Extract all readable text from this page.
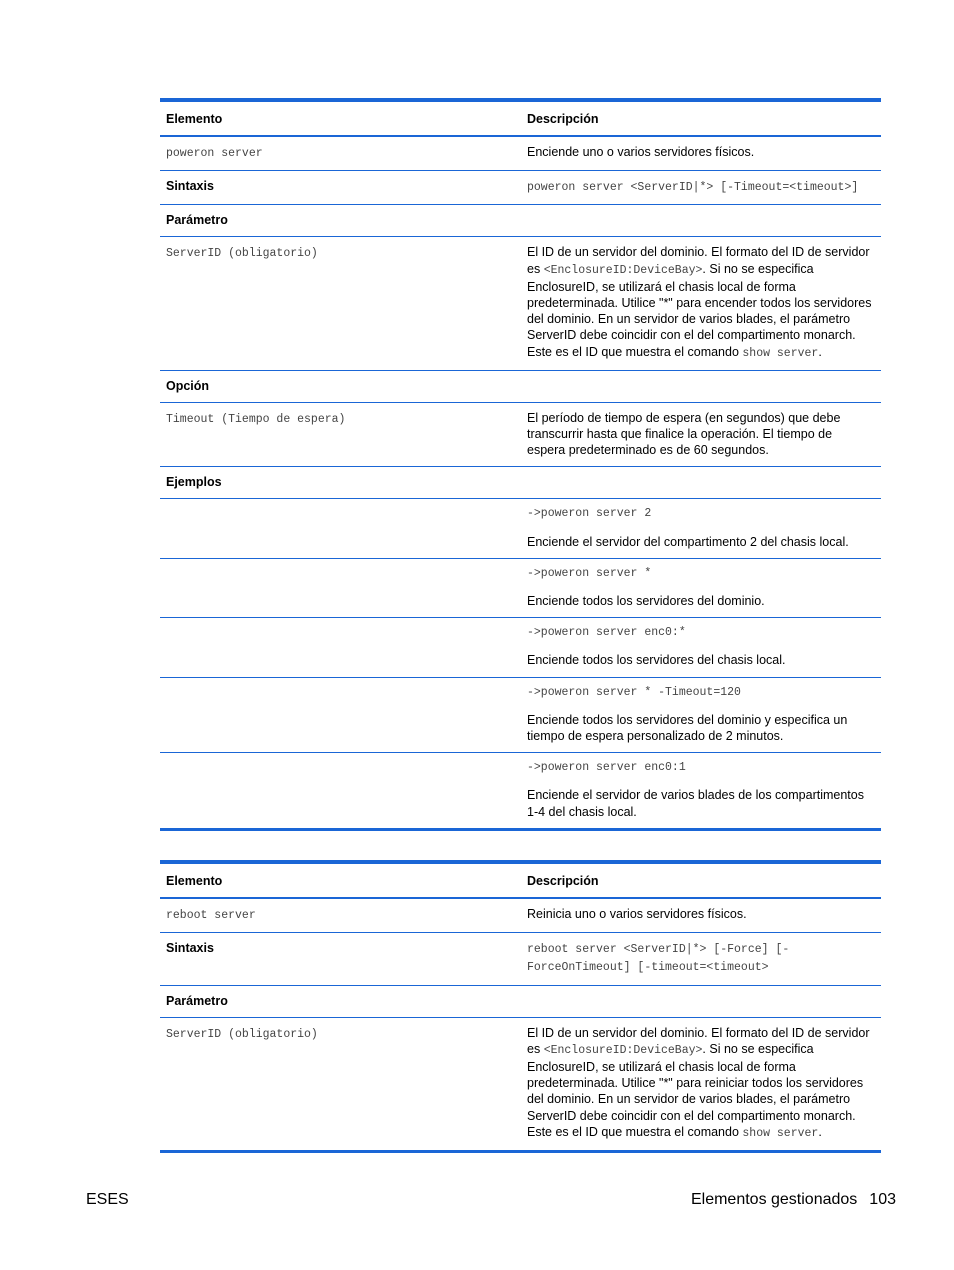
Elemento	Descripción
poweron server	Enciende uno o varios servidores físicos.
Sintaxis	poweron server <ServerID|*> [-Timeout=<timeout>]
Parámetro
ServerID (obligatorio)	El ID de un servidor del dominio. El formato del ID de servidor es <EnclosureID:DeviceBay>. Si no se especifica EnclosureID, se utilizará el chasis local de forma predeterminada. Utilice "*" para encender todos los servidores del dominio. En un servidor de varios blades, el parámetro ServerID debe coincidir con el del compartimento monarch. Este es el ID que muestra el comando show server.
Opción
Timeout (Tiempo de espera)	El período de tiempo de espera (en segundos) que debe transcurrir hasta que finalice la operación. El tiempo de espera predeterminado es de 60 segundos.
Ejemplos
->poweron server 2
Enciende el servidor del compartimento 2 del chasis local.
->poweron server *
Enciende todos los servidores del dominio.
->poweron server enc0:*
Enciende todos los servidores del chasis local.
->poweron server * -Timeout=120
Enciende todos los servidores del dominio y especifica un tiempo de espera personalizado de 2 minutos.
->poweron server enc0:1
Enciende el servidor de varios blades de los compartimentos 1-4 del chasis local.
Elemento	Descripción
reboot server	Reinicia uno o varios servidores físicos.
Sintaxis	reboot server <ServerID|*> [-Force] [-ForceOnTimeout] [-timeout=<timeout>
Parámetro
ServerID (obligatorio)	El ID de un servidor del dominio. El formato del ID de servidor es <EnclosureID:DeviceBay>. Si no se especifica EnclosureID, se utilizará el chasis local de forma predeterminada. Utilice "*" para reiniciar todos los servidores del dominio. En un servidor de varios blades, el parámetro ServerID debe coincidir con el del compartimento monarch. Este es el ID que muestra el comando show server.
ESES	Elementos gestionados 103
